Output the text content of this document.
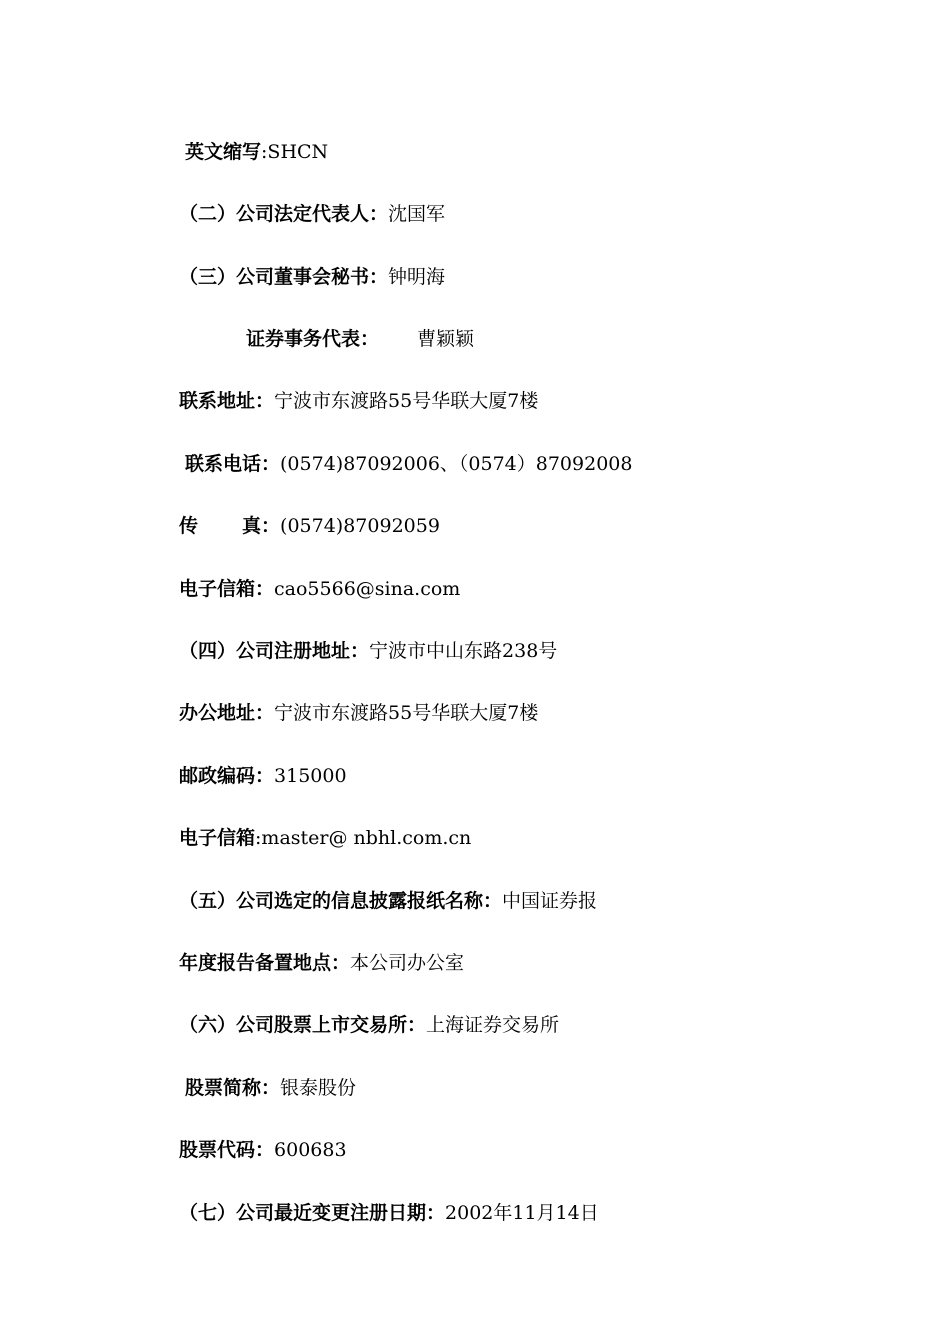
英文缩写:SHCN
（二）公司法定代表人：沈国军
（三）公司董事会秘书：钟明海
证券事务代表： 曹颖颖
联系地址：宁波市东渡路55号华联大厦7楼
联系电话：(0574)87092006、（0574）87092008
传 真：(0574)87092059
电子信箱：cao5566@sina.com
（四）公司注册地址：宁波市中山东路238号
办公地址：宁波市东渡路55号华联大厦7楼
邮政编码：315000
电子信箱:master@ nbhl.com.cn
（五）公司选定的信息披露报纸名称：中国证券报
年度报告备置地点：本公司办公室
（六）公司股票上市交易所：上海证券交易所
股票简称：银泰股份
股票代码：600683
（七）公司最近变更注册日期：2002年11月14日
